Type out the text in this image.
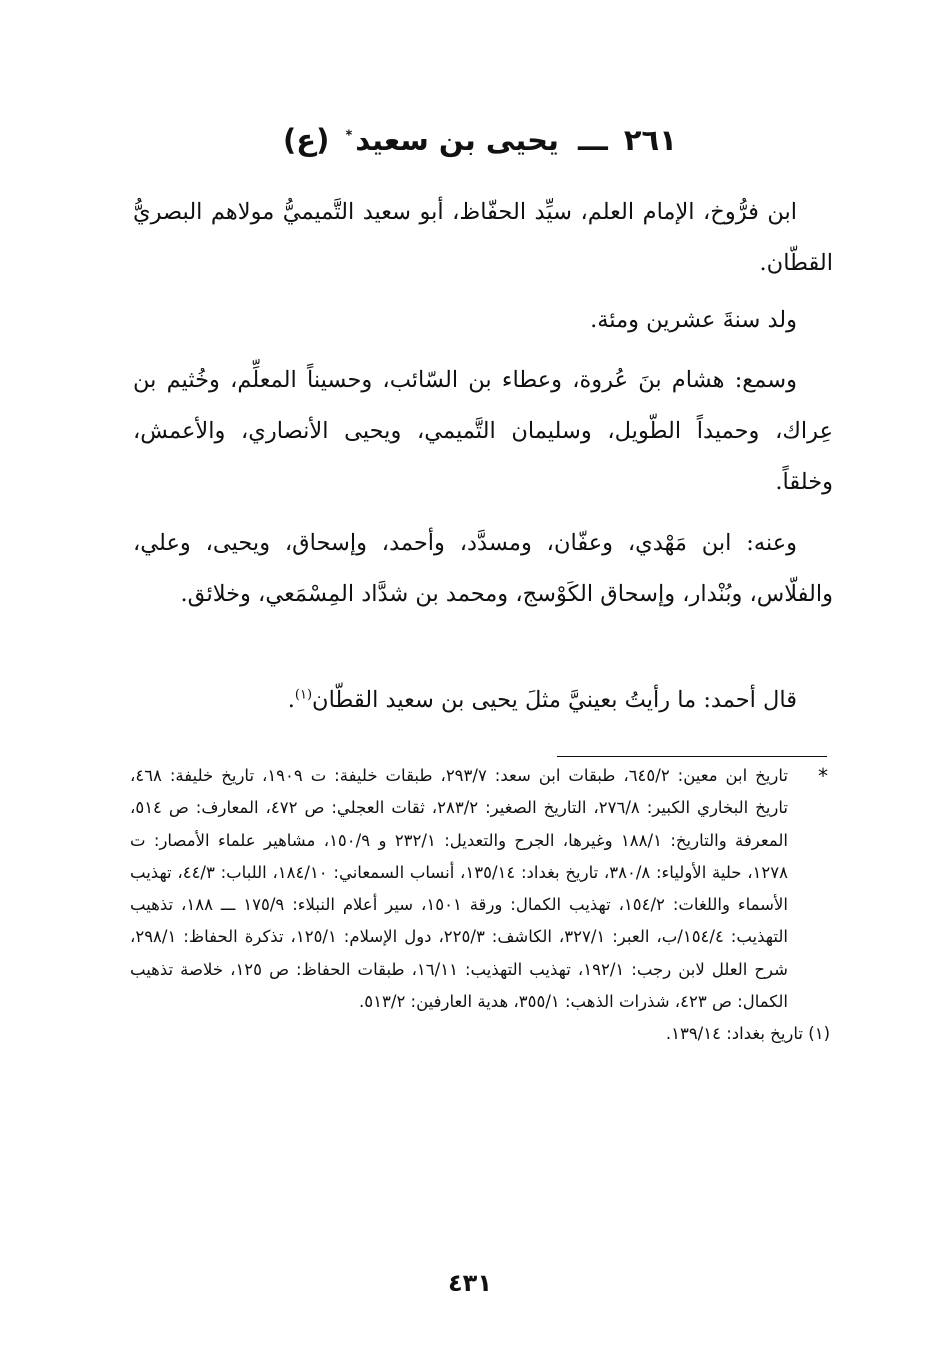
٢٦١ ـــ يحيى بن سعيد* (ع)

ابن فرُّوخ، الإمام العلم، سيِّد الحفّاظ، أبو سعيد التَّميميُّ مولاهم البصريُّ القطّان.

ولد سنةَ عشرين ومئة.

وسمع: هشام بنَ عُروة، وعطاء بن السّائب، وحسيناً المعلِّم، وخُثيم بن عِراك، وحميداً الطّويل، وسليمان التَّميمي، ويحيى الأنصاري، والأعمش، وخلقاً.

وعنه: ابن مَهْدي، وعفّان، ومسدَّد، وأحمد، وإسحاق، ويحيى، وعلي، والفلّاس، وبُنْدار، وإسحاق الكَوْسج، ومحمد بن شدَّاد المِسْمَعي، وخلائق.

قال أحمد: ما رأيتُ بعينيَّ مثلَ يحيى بن سعيد القطّان$^{(١)}$.

*
تاريخ ابن معين: ٦٤٥/٢، طبقات ابن سعد: ٢٩٣/٧، طبقات خليفة: ت ١٩٠٩، تاريخ خليفة: ٤٦٨، تاريخ البخاري الكبير: ٢٧٦/٨، التاريخ الصغير: ٢٨٣/٢، ثقات العجلي: ص ٤٧٢، المعارف: ص ٥١٤، المعرفة والتاريخ: ١٨٨/١ وغيرها، الجرح والتعديل: ٢٣٢/١ و ١٥٠/٩، مشاهير علماء الأمصار: ت ١٢٧٨، حلية الأولياء: ٣٨٠/٨، تاريخ بغداد: ١٣٥/١٤، أنساب السمعاني: ١٨٤/١٠، اللباب: ٤٤/٣، تهذيب الأسماء واللغات: ١٥٤/٢، تهذيب الكمال: ورقة ١٥٠١، سير أعلام النبلاء: ١٧٥/٩ ـــ ١٨٨، تذهيب التهذيب: ١٥٤/٤/ب، العبر: ٣٢٧/١، الكاشف: ٢٢٥/٣، دول الإسلام: ١٢٥/١، تذكرة الحفاظ: ٢٩٨/١، شرح العلل لابن رجب: ١٩٢/١، تهذيب التهذيب: ١٦/١١، طبقات الحفاظ: ص ١٢٥، خلاصة تذهيب الكمال: ص ٤٢٣، شذرات الذهب: ٣٥٥/١، هدية العارفين: ٥١٣/٢.

(١) تاريخ بغداد: ١٣٩/١٤.

٤٣١
